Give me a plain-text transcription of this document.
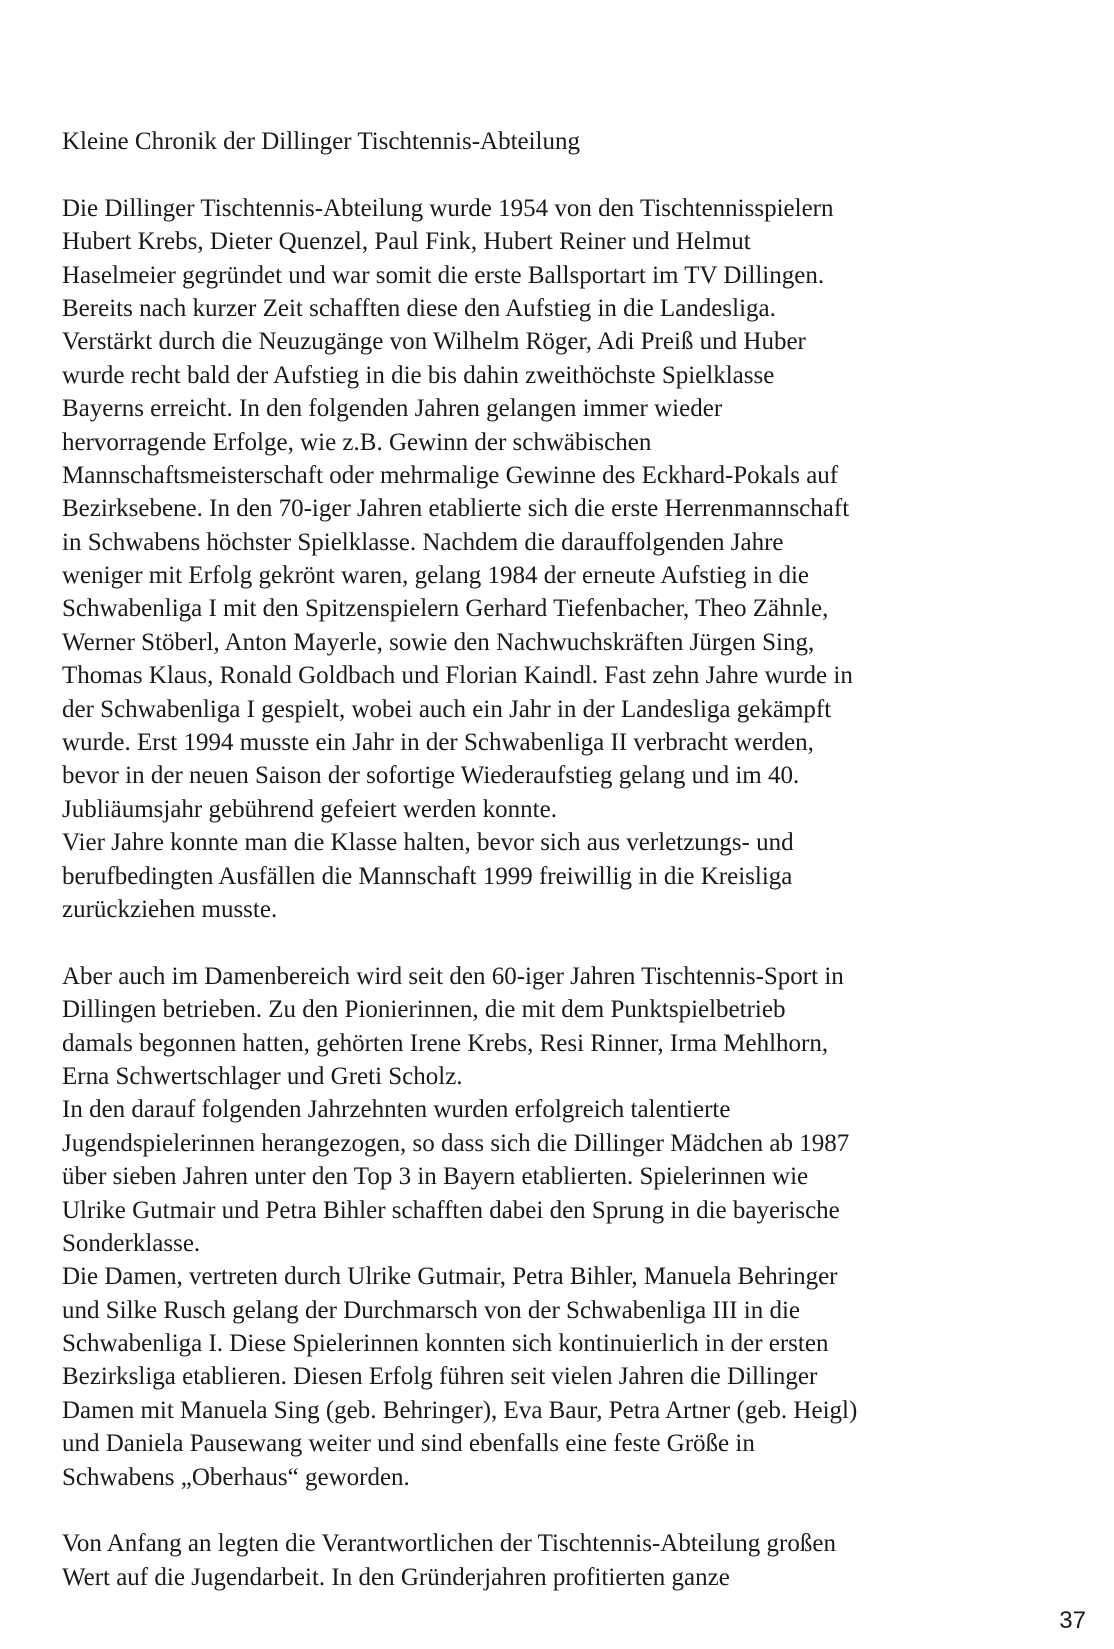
Kleine Chronik der Dillinger Tischtennis-Abteilung
Die Dillinger Tischtennis-Abteilung wurde 1954 von den Tischtennisspielern
Hubert Krebs, Dieter Quenzel, Paul Fink, Hubert Reiner und Helmut
Haselmeier gegründet und war somit die erste Ballsportart im TV Dillingen.
Bereits nach kurzer Zeit schafften diese den Aufstieg in die Landesliga.
Verstärkt durch die Neuzugänge von Wilhelm Röger, Adi Preiß und Huber
wurde recht bald der Aufstieg in die bis dahin zweithöchste Spielklasse
Bayerns erreicht. In den folgenden Jahren gelangen immer wieder
hervorragende Erfolge, wie z.B. Gewinn der schwäbischen
Mannschaftsmeisterschaft oder mehrmalige Gewinne des Eckhard-Pokals auf
Bezirksebene. In den 70-iger Jahren etablierte sich die erste Herrenmannschaft
in Schwabens höchster Spielklasse. Nachdem die darauffolgenden Jahre
weniger mit Erfolg gekrönt waren, gelang 1984 der erneute Aufstieg in die
Schwabenliga I mit den Spitzenspielern Gerhard Tiefenbacher, Theo Zähnle,
Werner Stöberl, Anton Mayerle, sowie den Nachwuchskräften Jürgen Sing,
Thomas Klaus, Ronald Goldbach und Florian Kaindl. Fast zehn Jahre wurde in
der Schwabenliga I gespielt, wobei auch ein Jahr in der Landesliga gekämpft
wurde. Erst 1994 musste ein Jahr in der Schwabenliga II verbracht werden,
bevor in der neuen Saison der sofortige Wiederaufstieg gelang und im 40.
Jubliäumsjahr gebührend gefeiert werden konnte.
Vier Jahre konnte man die Klasse halten, bevor sich aus verletzungs- und
berufbedingten Ausfällen die Mannschaft 1999 freiwillig in die Kreisliga
zurückziehen musste.
Aber auch im Damenbereich wird seit den 60-iger Jahren Tischtennis-Sport in
Dillingen betrieben. Zu den Pionierinnen, die mit dem Punktspielbetrieb
damals begonnen hatten, gehörten Irene Krebs, Resi Rinner, Irma Mehlhorn,
Erna Schwertschlager und Greti Scholz.
In den darauf folgenden Jahrzehnten wurden erfolgreich talentierte
Jugendspielerinnen herangezogen, so dass sich die Dillinger Mädchen ab 1987
über sieben Jahren unter den Top 3 in Bayern etablierten. Spielerinnen wie
Ulrike Gutmair und Petra Bihler schafften dabei den Sprung in die bayerische
Sonderklasse.
Die Damen, vertreten durch Ulrike Gutmair, Petra Bihler, Manuela Behringer
und Silke Rusch gelang der Durchmarsch von der Schwabenliga III in die
Schwabenliga I. Diese Spielerinnen konnten sich kontinuierlich in der ersten
Bezirksliga etablieren. Diesen Erfolg führen seit vielen Jahren die Dillinger
Damen mit Manuela Sing (geb. Behringer), Eva Baur, Petra Artner (geb. Heigl)
und Daniela Pausewang weiter und sind ebenfalls eine feste Größe in
Schwabens „Oberhaus“ geworden.
Von Anfang an legten die Verantwortlichen der Tischtennis-Abteilung großen
Wert auf die Jugendarbeit. In den Gründerjahren profitierten ganze
37
